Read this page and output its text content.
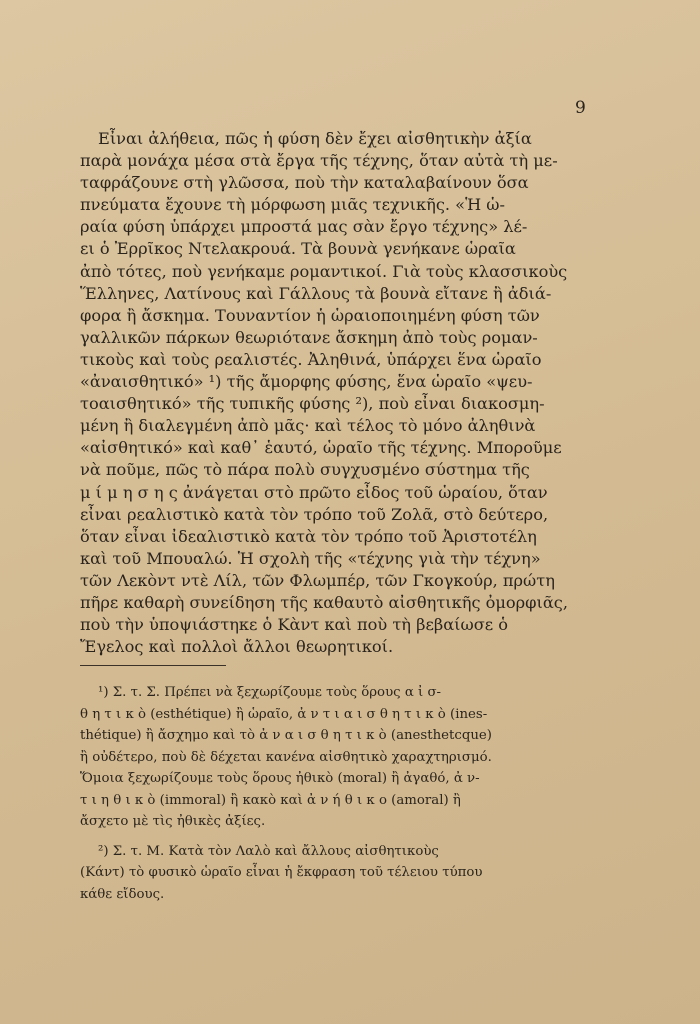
9

Εἶναι ἀλήθεια, πῶς ἡ φύση δὲν ἔχει αἰσθητικὴν ἀξία
παρὰ μονάχα μέσα στὰ ἔργα τῆς τέχνης, ὅταν αὐτὰ τὴ με-
ταφράζουνε στὴ γλῶσσα, ποὺ τὴν καταλαβαίνουν ὅσα
πνεύματα ἔχουνε τὴ μόρφωση μιᾶς τεχνικῆς. «Ἡ ὡ-
ραία φύση ὑπάρχει μπροστά μας σὰν ἔργο τέχνης» λέ-
ει ὁ Ἐρρῖκος Ντελακρουά. Τὰ βουνὰ γενήκανε ὡραῖα
ἀπὸ τότες, ποὺ γενήκαμε ρομαντικοί. Γιὰ τοὺς κλασσικοὺς
Ἕλληνες, Λατίνους καὶ Γάλλους τὰ βουνὰ εἴτανε ἢ ἀδιά-
φορα ἢ ἄσκημα. Τουναντίον ἡ ὡραιοποιημένη φύση τῶν
γαλλικῶν πάρκων θεωριότανε ἄσκημη ἀπὸ τοὺς ρομαν-
τικοὺς καὶ τοὺς ρεαλιστές. Ἀληθινά, ὑπάρχει ἕνα ὡραῖο
«ἀναισθητικό» ¹) τῆς ἄμορφης φύσης, ἕνα ὡραῖο «ψευ-
τοαισθητικό» τῆς τυπικῆς φύσης ²), ποὺ εἶναι διακοσμη-
μένη ἢ διαλεγμένη ἀπὸ μᾶς· καὶ τέλος τὸ μόνο ἀληθινὰ
«αἰσθητικό» καὶ καθ᾿ ἑαυτό, ὡραῖο τῆς τέχνης. Μποροῦμε
νὰ ποῦμε, πῶς τὸ πάρα πολὺ συγχυσμένο σύστημα τῆς
μ ί μ η σ η ς ἀνάγεται στὸ πρῶτο εἶδος τοῦ ὡραίου, ὅταν
εἶναι ρεαλιστικὸ κατὰ τὸν τρόπο τοῦ Ζολᾶ, στὸ δεύτερο,
ὅταν εἶναι ἰδεαλιστικὸ κατὰ τὸν τρόπο τοῦ Ἀριστοτέλη
καὶ τοῦ Μπουαλώ. Ἡ σχολὴ τῆς «τέχνης γιὰ τὴν τέχνη»
τῶν Λεκὸντ ντὲ Λίλ, τῶν Φλωμπέρ, τῶν Γκογκούρ, πρώτη
πῆρε καθαρὴ συνείδηση τῆς καθαυτὸ αἰσθητικῆς ὀμορφιᾶς,
ποὺ τὴν ὑποψιάστηκε ὁ Κὰντ καὶ ποὺ τὴ βεβαίωσε ὁ
Ἔγελος καὶ πολλοὶ ἄλλοι θεωρητικοί.
¹) Σ. τ. Σ. Πρέπει νὰ ξεχωρίζουμε τοὺς ὅρους α ἰ σ-
θ η τ ι κ ὸ (esthétique) ἢ ὡραῖο, ἀ ν τ ι α ι σ θ η τ ι κ ὸ (ines-
thétique) ἢ ἄσχημο καὶ τὸ ἀ ν α ι σ θ η τ ι κ ὸ (anesthetcque)
ἢ οὐδέτερο, ποὺ δὲ δέχεται κανένα αἰσθητικὸ χαραχτηρισμό.
Ὅμοια ξεχωρίζουμε τοὺς ὅρους ἠθικὸ (moral) ἢ ἀγαθό, ἀ ν-
τ ι η θ ι κ ὸ (immoral) ἢ κακὸ καὶ ἀ ν ή θ ι κ ο (amoral) ἢ
ἄσχετο μὲ τὶς ἠθικὲς ἀξίες.
²) Σ. τ. Μ. Κατὰ τὸν Λαλὸ καὶ ἄλλους αἰσθητικοὺς
(Κάντ) τὸ φυσικὸ ὡραῖο εἶναι ἡ ἔκφραση τοῦ τέλειου τύπου
κάθε εἴδους.
